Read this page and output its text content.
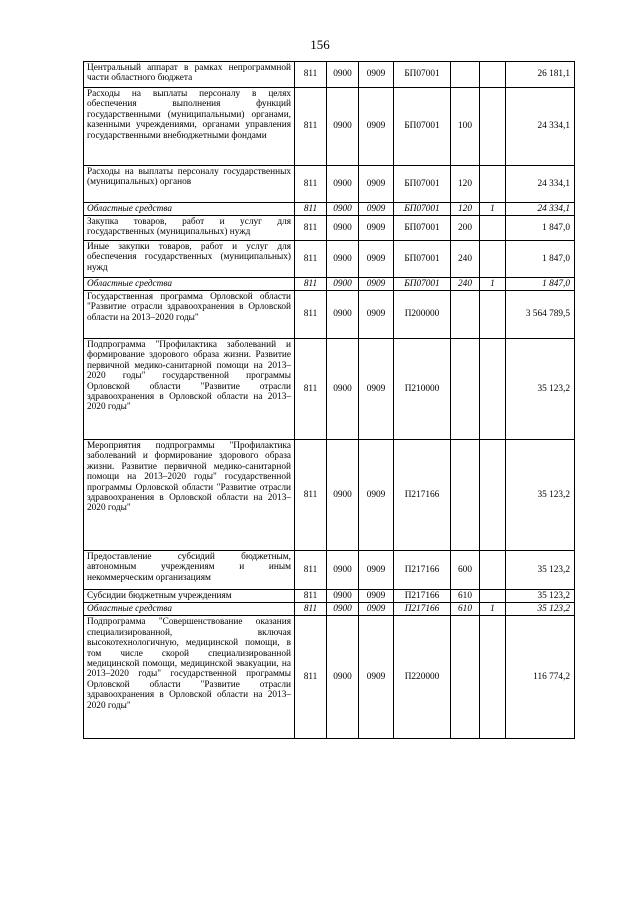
156
Центральный аппарат в рамках непрограммной части областного бюджета	811	0900	0909	БП07001			26 181,1
Расходы на выплаты персоналу в целях обеспечения выполнения функций государственными (муниципальными) органами, казенными учреждениями, органами управления государственными внебюджетными фондами	811	0900	0909	БП07001	100		24 334,1
Расходы на выплаты персоналу государственных (муниципальных) органов	811	0900	0909	БП07001	120		24 334,1
Областные средства	811	0900	0909	БП07001	120	1	24 334,1
Закупка товаров, работ и услуг для государственных (муниципальных) нужд	811	0900	0909	БП07001	200		1 847,0
Иные закупки товаров, работ и услуг для обеспечения государственных (муниципальных) нужд	811	0900	0909	БП07001	240		1 847,0
Областные средства	811	0900	0909	БП07001	240	1	1 847,0
Государственная программа Орловской области "Развитие отрасли здравоохранения в Орловской области на 2013–2020 годы"	811	0900	0909	П200000			3 564 789,5
Подпрограмма "Профилактика заболеваний и формирование здорового образа жизни. Развитие первичной медико-санитарной помощи на 2013–2020 годы" государственной программы Орловской области "Развитие отрасли здравоохранения в Орловской области на 2013–2020 годы"	811	0900	0909	П210000			35 123,2
Мероприятия подпрограммы "Профилактика заболеваний и формирование здорового образа жизни. Развитие первичной медико-санитарной помощи на 2013–2020 годы" государственной программы Орловской области "Развитие отрасли здравоохранения в Орловской области на 2013–2020 годы"	811	0900	0909	П217166			35 123,2
Предоставление субсидий бюджетным, автономным учреждениям и иным некоммерческим организациям	811	0900	0909	П217166	600		35 123,2
Субсидии бюджетным учреждениям	811	0900	0909	П217166	610		35 123,2
Областные средства	811	0900	0909	П217166	610	1	35 123,2
Подпрограмма "Совершенствование оказания специализированной, включая высокотехнологичную, медицинской помощи, в том числе скорой специализированной медицинской помощи, медицинской эвакуации, на 2013–2020 годы" государственной программы Орловской области "Развитие отрасли здравоохранения в Орловской области на 2013–2020 годы"	811	0900	0909	П220000			116 774,2
